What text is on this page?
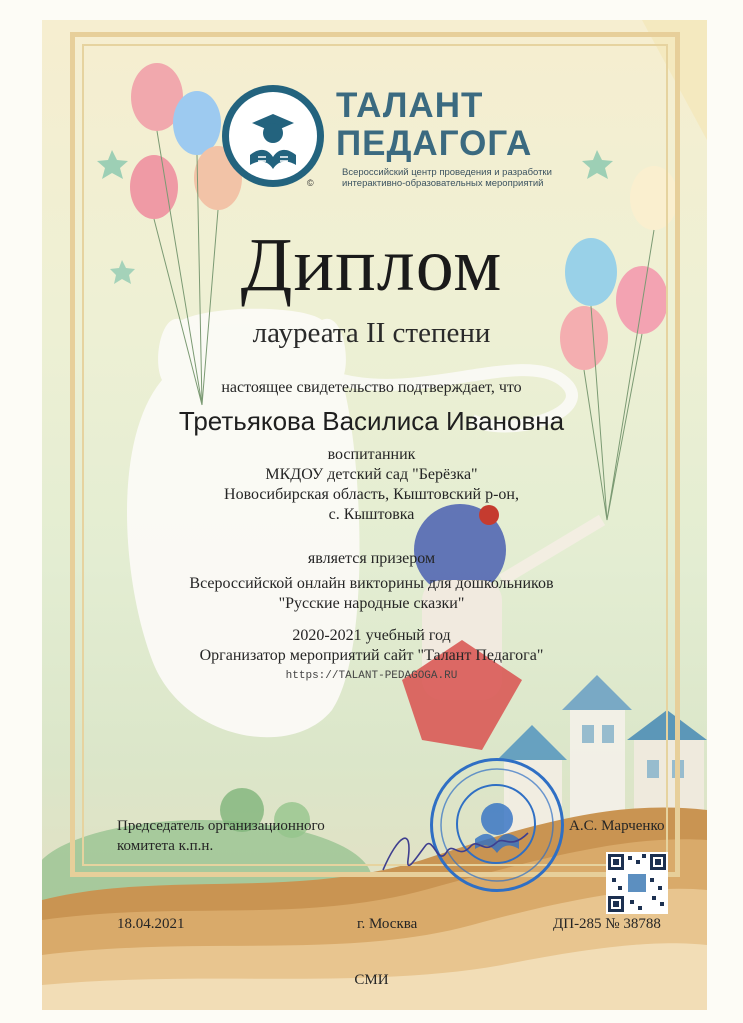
©
ТАЛАНТ
ПЕДАГОГА
Всероссийский центр проведения и разработки интерактивно-образовательных мероприятий
Диплом
лауреата II степени
настоящее свидетельство подтверждает, что
Третьякова Василиса Ивановна
воспитанник
МКДОУ детский сад "Берёзка"
Новосибирская область, Кыштовский р-он,
с. Кыштовка
является призером
Всероссийской онлайн викторины для дошкольников
"Русские народные сказки"
2020-2021 учебный год
Организатор мероприятий сайт "Талант Педагога"
https://TALANT-PEDAGOGA.RU
Председатель организационного
комитета к.п.н.
А.С. Марченко
18.04.2021	г. Москва	ДП-285 № 38788
СМИ
